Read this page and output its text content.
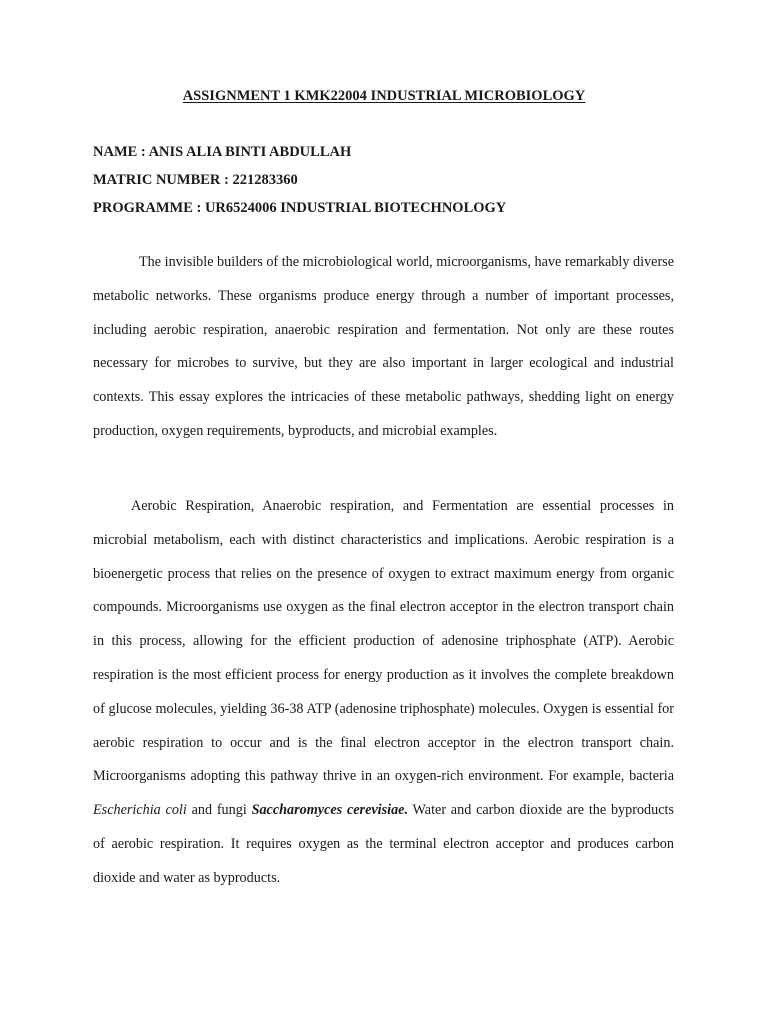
ASSIGNMENT 1 KMK22004 INDUSTRIAL MICROBIOLOGY
NAME : ANIS ALIA BINTI ABDULLAH
MATRIC NUMBER : 221283360
PROGRAMME : UR6524006 INDUSTRIAL BIOTECHNOLOGY
The invisible builders of the microbiological world, microorganisms, have remarkably diverse metabolic networks. These organisms produce energy through a number of important processes, including aerobic respiration, anaerobic respiration and fermentation. Not only are these routes necessary for microbes to survive, but they are also important in larger ecological and industrial contexts. This essay explores the intricacies of these metabolic pathways, shedding light on energy production, oxygen requirements, byproducts, and microbial examples.
Aerobic Respiration, Anaerobic respiration, and Fermentation are essential processes in microbial metabolism, each with distinct characteristics and implications. Aerobic respiration is a bioenergetic process that relies on the presence of oxygen to extract maximum energy from organic compounds. Microorganisms use oxygen as the final electron acceptor in the electron transport chain in this process, allowing for the efficient production of adenosine triphosphate (ATP). Aerobic respiration is the most efficient process for energy production as it involves the complete breakdown of glucose molecules, yielding 36-38 ATP (adenosine triphosphate) molecules. Oxygen is essential for aerobic respiration to occur and is the final electron acceptor in the electron transport chain. Microorganisms adopting this pathway thrive in an oxygen-rich environment. For example, bacteria Escherichia coli and fungi Saccharomyces cerevisiae. Water and carbon dioxide are the byproducts of aerobic respiration. It requires oxygen as the terminal electron acceptor and produces carbon dioxide and water as byproducts.
